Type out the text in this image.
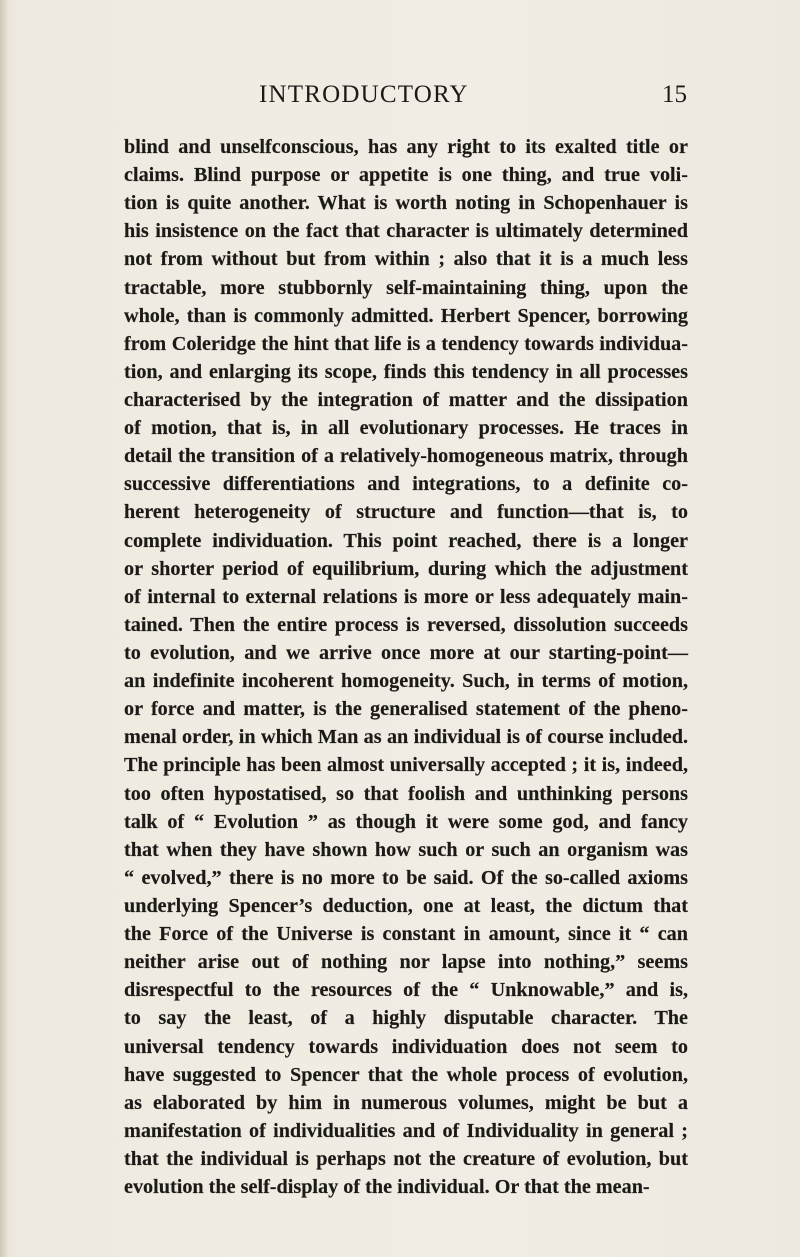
INTRODUCTORY	15
blind and unselfconscious, has any right to its exalted title or
claims. Blind purpose or appetite is one thing, and true voli-
tion is quite another. What is worth noting in Schopenhauer is
his insistence on the fact that character is ultimately determined
not from without but from within ; also that it is a much less
tractable, more stubbornly self-maintaining thing, upon the
whole, than is commonly admitted. Herbert Spencer, borrowing
from Coleridge the hint that life is a tendency towards individua-
tion, and enlarging its scope, finds this tendency in all processes
characterised by the integration of matter and the dissipation
of motion, that is, in all evolutionary processes. He traces in
detail the transition of a relatively-homogeneous matrix, through
successive differentiations and integrations, to a definite co-
herent heterogeneity of structure and function—that is, to
complete individuation. This point reached, there is a longer
or shorter period of equilibrium, during which the adjustment
of internal to external relations is more or less adequately main-
tained. Then the entire process is reversed, dissolution succeeds
to evolution, and we arrive once more at our starting-point—
an indefinite incoherent homogeneity. Such, in terms of motion,
or force and matter, is the generalised statement of the pheno-
menal order, in which Man as an individual is of course included.
The principle has been almost universally accepted ; it is, indeed,
too often hypostatised, so that foolish and unthinking persons
talk of “ Evolution ” as though it were some god, and fancy
that when they have shown how such or such an organism was
“ evolved,” there is no more to be said. Of the so-called axioms
underlying Spencer’s deduction, one at least, the dictum that
the Force of the Universe is constant in amount, since it “ can
neither arise out of nothing nor lapse into nothing,” seems
disrespectful to the resources of the “ Unknowable,” and is,
to say the least, of a highly disputable character. The
universal tendency towards individuation does not seem to
have suggested to Spencer that the whole process of evolution,
as elaborated by him in numerous volumes, might be but a
manifestation of individualities and of Individuality in general ;
that the individual is perhaps not the creature of evolution, but
evolution the self-display of the individual. Or that the mean-
